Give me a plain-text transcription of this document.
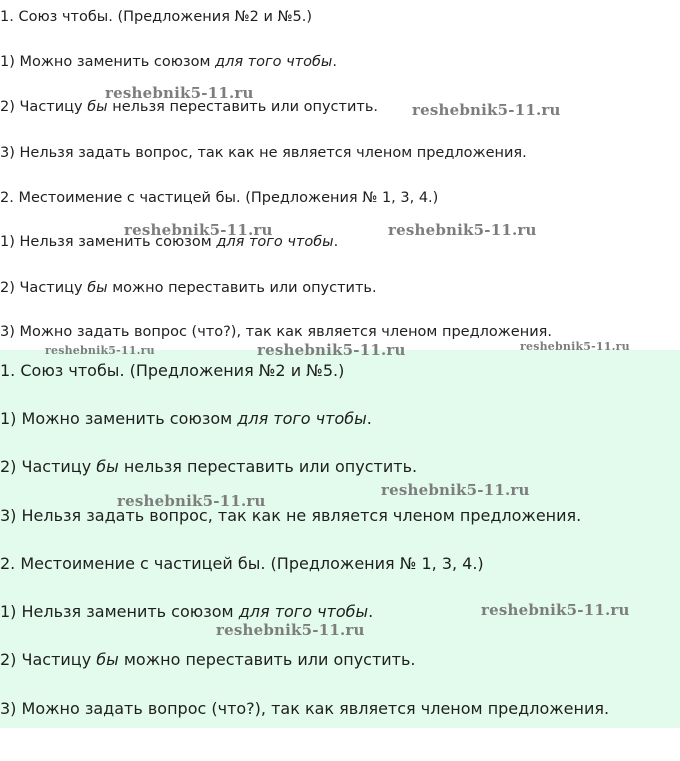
1. Союз чтобы. (Предложения №2 и №5.)
1) Можно заменить союзом для того чтобы.
2) Частицу бы нельзя переставить или опустить.
3) Нельзя задать вопрос, так как не является членом предложения.
2. Местоимение с частицей бы. (Предложения № 1, 3, 4.)
1) Нельзя заменить союзом для того чтобы.
2) Частицу бы можно переставить или опустить.
3) Можно задать вопрос (что?), так как является членом предложения.
1. Союз чтобы. (Предложения №2 и №5.)
1) Можно заменить союзом для того чтобы.
2) Частицу бы нельзя переставить или опустить.
3) Нельзя задать вопрос, так как не является членом предложения.
2. Местоимение с частицей бы. (Предложения № 1, 3, 4.)
1) Нельзя заменить союзом для того чтобы.
2) Частицу бы можно переставить или опустить.
3) Можно задать вопрос (что?), так как является членом предложения.
reshebnik5-11.ru
reshebnik5-11.ru
reshebnik5-11.ru	reshebnik5-11.ru
reshebnik5-11.ru	reshebnik5-11.ru	reshebnik5-11.ru
reshebnik5-11.ru
reshebnik5-11.ru
reshebnik5-11.ru
reshebnik5-11.ru
